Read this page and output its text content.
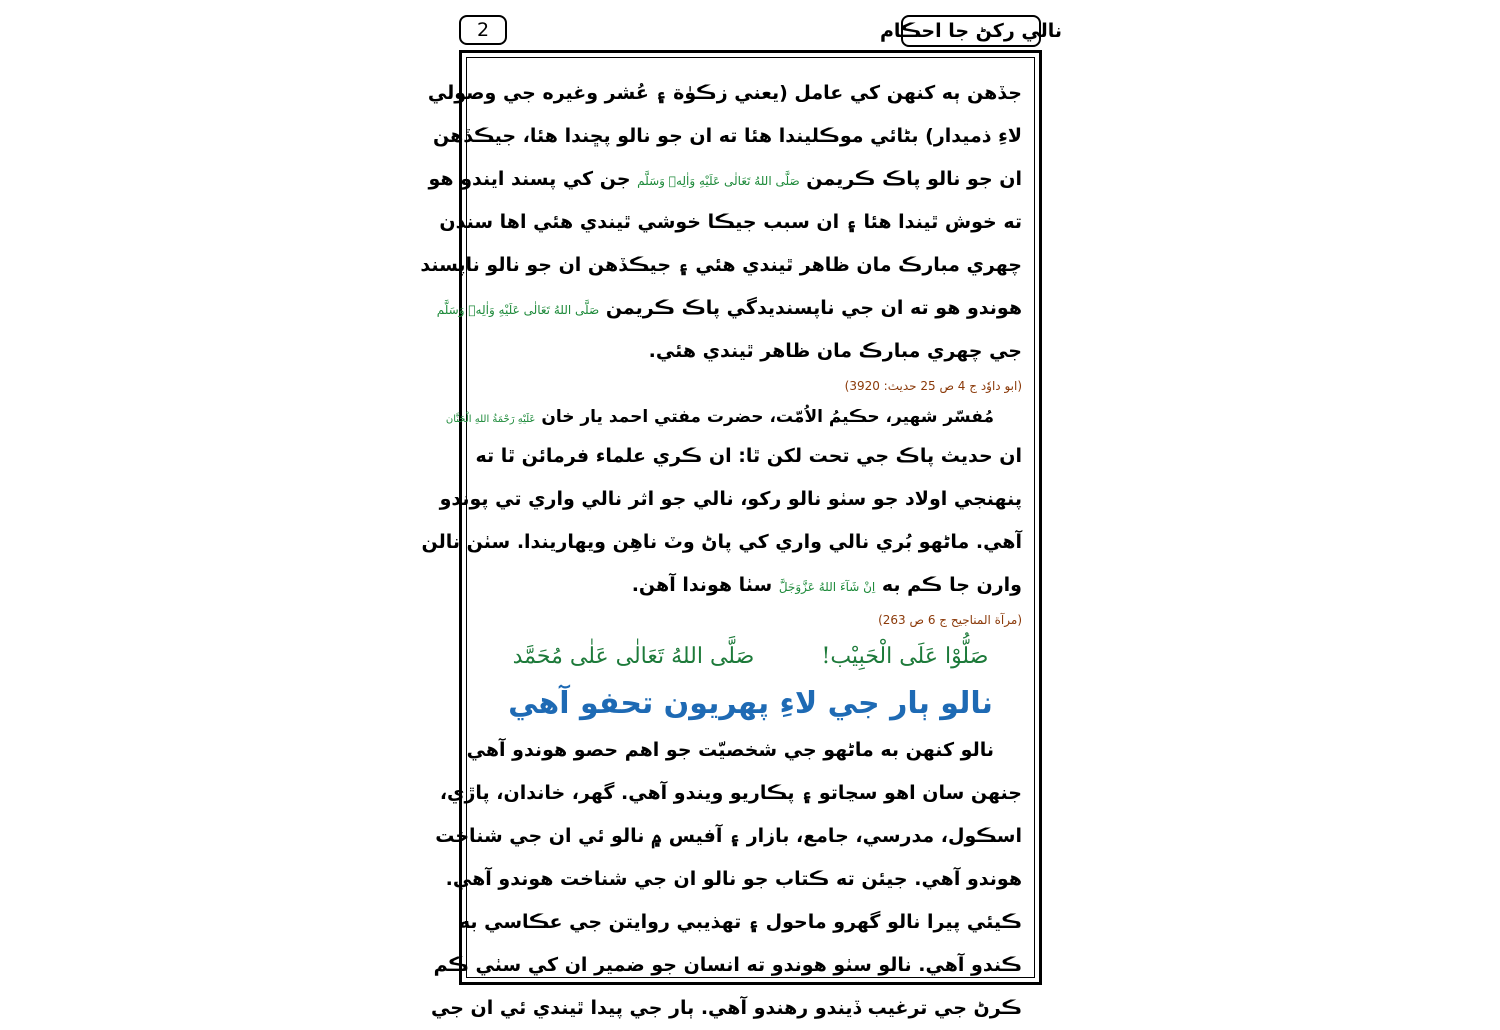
2	نالي رکڻ جا احڪام
جڏهن ٻه کنهن کي عامل (يعني زڪوٰة ۽ عُشر وغيره جي وصولي
لاءِ ذميدار) بڻائي موڪليندا هئا ته ان جو نالو پڇندا هئا، جيڪڏهن
ان جو نالو پاڪ ڪريمن صَلَّى اللهُ تَعَالٰى عَلَيْهِ وَاٰلِهٖ وَسَلَّم جن کي پسند ايندو هو
ته خوش ٿيندا هئا ۽ ان سبب جيڪا خوشي ٿيندي هئي اها سندن
چهري مبارڪ مان ظاهر ٿيندي هئي ۽ جيڪڏهن ان جو نالو ناپسند
هوندو هو ته ان جي ناپسنديدگي پاڪ ڪريمن صَلَّى اللهُ تَعَالٰى عَلَيْهِ وَاٰلِهٖ وَسَلَّم
جي چهري مبارڪ مان ظاهر ٿيندي هئي.
(ابو داوٗد ج 4 ص 25 حديث: 3920)
مُفسّر شهير، حڪيمُ الاُمّت، حضرت مفتي احمد يار خان عَلَيْهِ رَحْمَةُ اللهِ الْحَنَّان
ان حديث پاڪ جي تحت لکن ٿا: ان ڪري علماء فرمائن ٿا ته
پنهنجي اولاد جو سٺو نالو رکو، نالي جو اثر نالي واري تي پوندو
آهي. ماڻهو بُري نالي واري کي پاڻ وٽ ناهِن ويهاريندا. سٺن نالن
وارن جا ڪم به اِنْ شَآءَ اللهُ عَزَّوَجَلَّ سٺا هوندا آهن.
(مرآة المناجيح ج 6 ص 263)
صَلُّوْا عَلَى الْحَبِيْب!
صَلَّى اللهُ تَعَالٰى عَلٰى مُحَمَّد
نالو ٻار جي لاءِ پهريون تحفو آهي
نالو کنهن به ماڻهو جي شخصيّت جو اهم حصو هوندو آهي
جنهن سان اهو سڃاتو ۽ پڪاريو ويندو آهي. گهر، خاندان، پاڙي،
اسڪول، مدرسي، جامع، بازار ۽ آفيس ۾ نالو ئي ان جي شناخت
هوندو آهي. جيئن ته ڪتاب جو نالو ان جي شناخت هوندو آهي.
ڪيئي پيرا نالو گهرو ماحول ۽ تهذيبي روايتن جي عڪاسي به
ڪندو آهي. نالو سٺو هوندو ته انسان جو ضمير ان کي سٺي ڪم
ڪرڻ جي ترغيب ڏيندو رهندو آهي. ٻار جي پيدا ٿيندي ئي ان جي
